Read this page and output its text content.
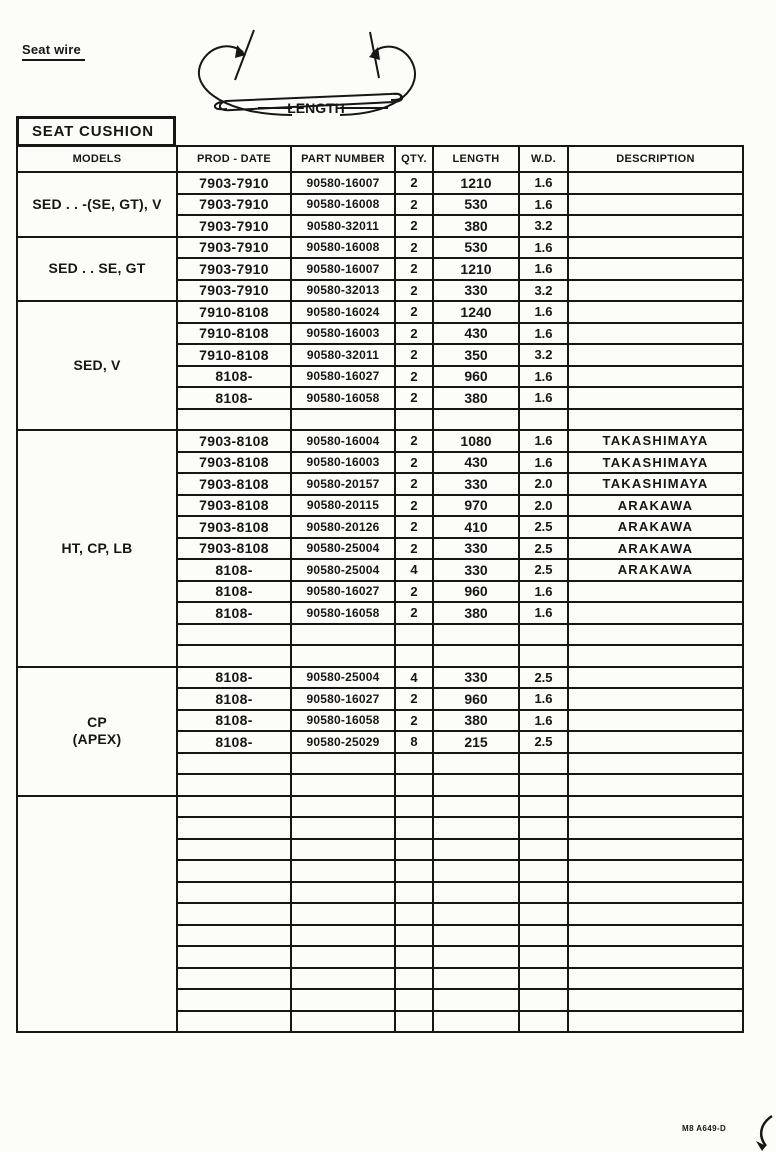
Seat wire
LENGTH
SEAT CUSHION
MODELS	PROD - DATE	PART NUMBER	QTY.	LENGTH	W.D.	DESCRIPTION
SED . . -(SE, GT), V	7903-7910	90580-16007	2	1210	1.6	
	7903-7910	90580-16008	2	530	1.6	
	7903-7910	90580-32011	2	380	3.2	
SED . . SE, GT	7903-7910	90580-16008	2	530	1.6	
	7903-7910	90580-16007	2	1210	1.6	
	7903-7910	90580-32013	2	330	3.2	
SED, V	7910-8108	90580-16024	2	1240	1.6	
	7910-8108	90580-16003	2	430	1.6	
	7910-8108	90580-32011	2	350	3.2	
	8108-	90580-16027	2	960	1.6	
	8108-	90580-16058	2	380	1.6	

HT, CP, LB	7903-8108	90580-16004	2	1080	1.6	TAKASHIMAYA
	7903-8108	90580-16003	2	430	1.6	TAKASHIMAYA
	7903-8108	90580-20157	2	330	2.0	TAKASHIMAYA
	7903-8108	90580-20115	2	970	2.0	ARAKAWA
	7903-8108	90580-20126	2	410	2.5	ARAKAWA
	7903-8108	90580-25004	2	330	2.5	ARAKAWA
	8108-	90580-25004	4	330	2.5	ARAKAWA
	8108-	90580-16027	2	960	1.6	
	8108-	90580-16058	2	380	1.6	

CP
(APEX)	8108-	90580-25004	4	330	2.5	
	8108-	90580-16027	2	960	1.6	
	8108-	90580-16058	2	380	1.6	
	8108-	90580-25029	8	215	2.5	

M8 A649-D
